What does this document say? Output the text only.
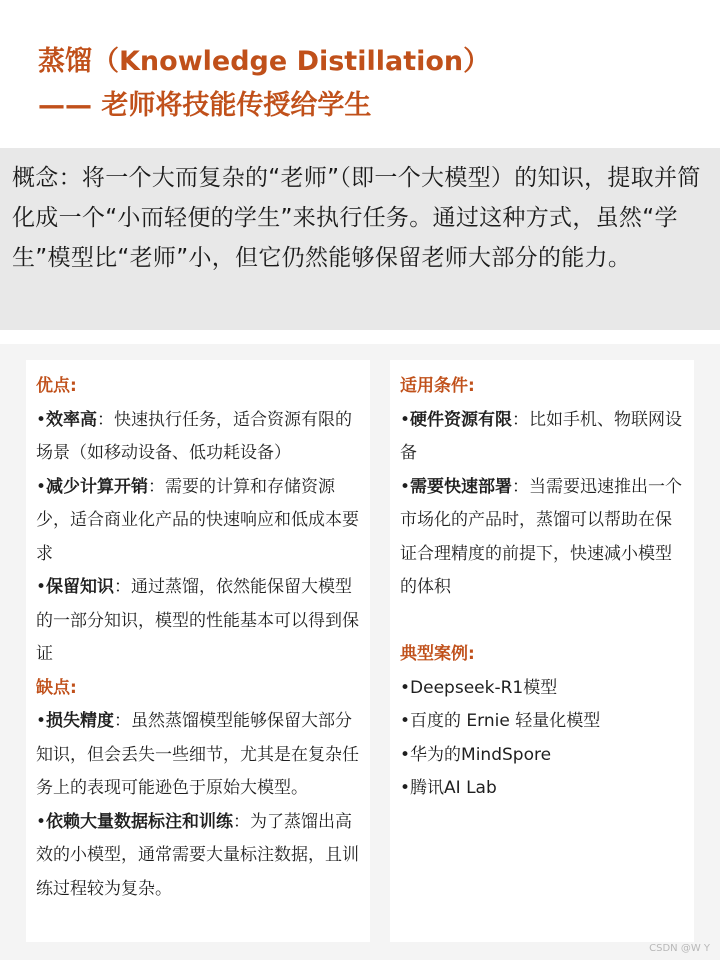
蒸馏（Knowledge Distillation）
—— 老师将技能传授给学生
概念：将一个大而复杂的“老师”（即一个大模型）的知识，提取并简化成一个“小而轻便的学生”来执行任务。通过这种方式，虽然“学生”模型比“老师”小，但它仍然能够保留老师大部分的能力。
优点:
•效率高：快速执行任务，适合资源有限的场景（如移动设备、低功耗设备）
•减少计算开销：需要的计算和存储资源少，适合商业化产品的快速响应和低成本要求
•保留知识：通过蒸馏，依然能保留大模型的一部分知识，模型的性能基本可以得到保证
缺点:
•损失精度：虽然蒸馏模型能够保留大部分知识，但会丢失一些细节，尤其是在复杂任务上的表现可能逊色于原始大模型。
•依赖大量数据标注和训练：为了蒸馏出高效的小模型，通常需要大量标注数据，且训练过程较为复杂。
适用条件:
•硬件资源有限：比如手机、物联网设备
•需要快速部署：当需要迅速推出一个市场化的产品时，蒸馏可以帮助在保证合理精度的前提下，快速减小模型的体积
典型案例:
•Deepseek-R1模型
•百度的 Ernie 轻量化模型
•华为的MindSpore
•腾讯AI Lab
CSDN @W Y
